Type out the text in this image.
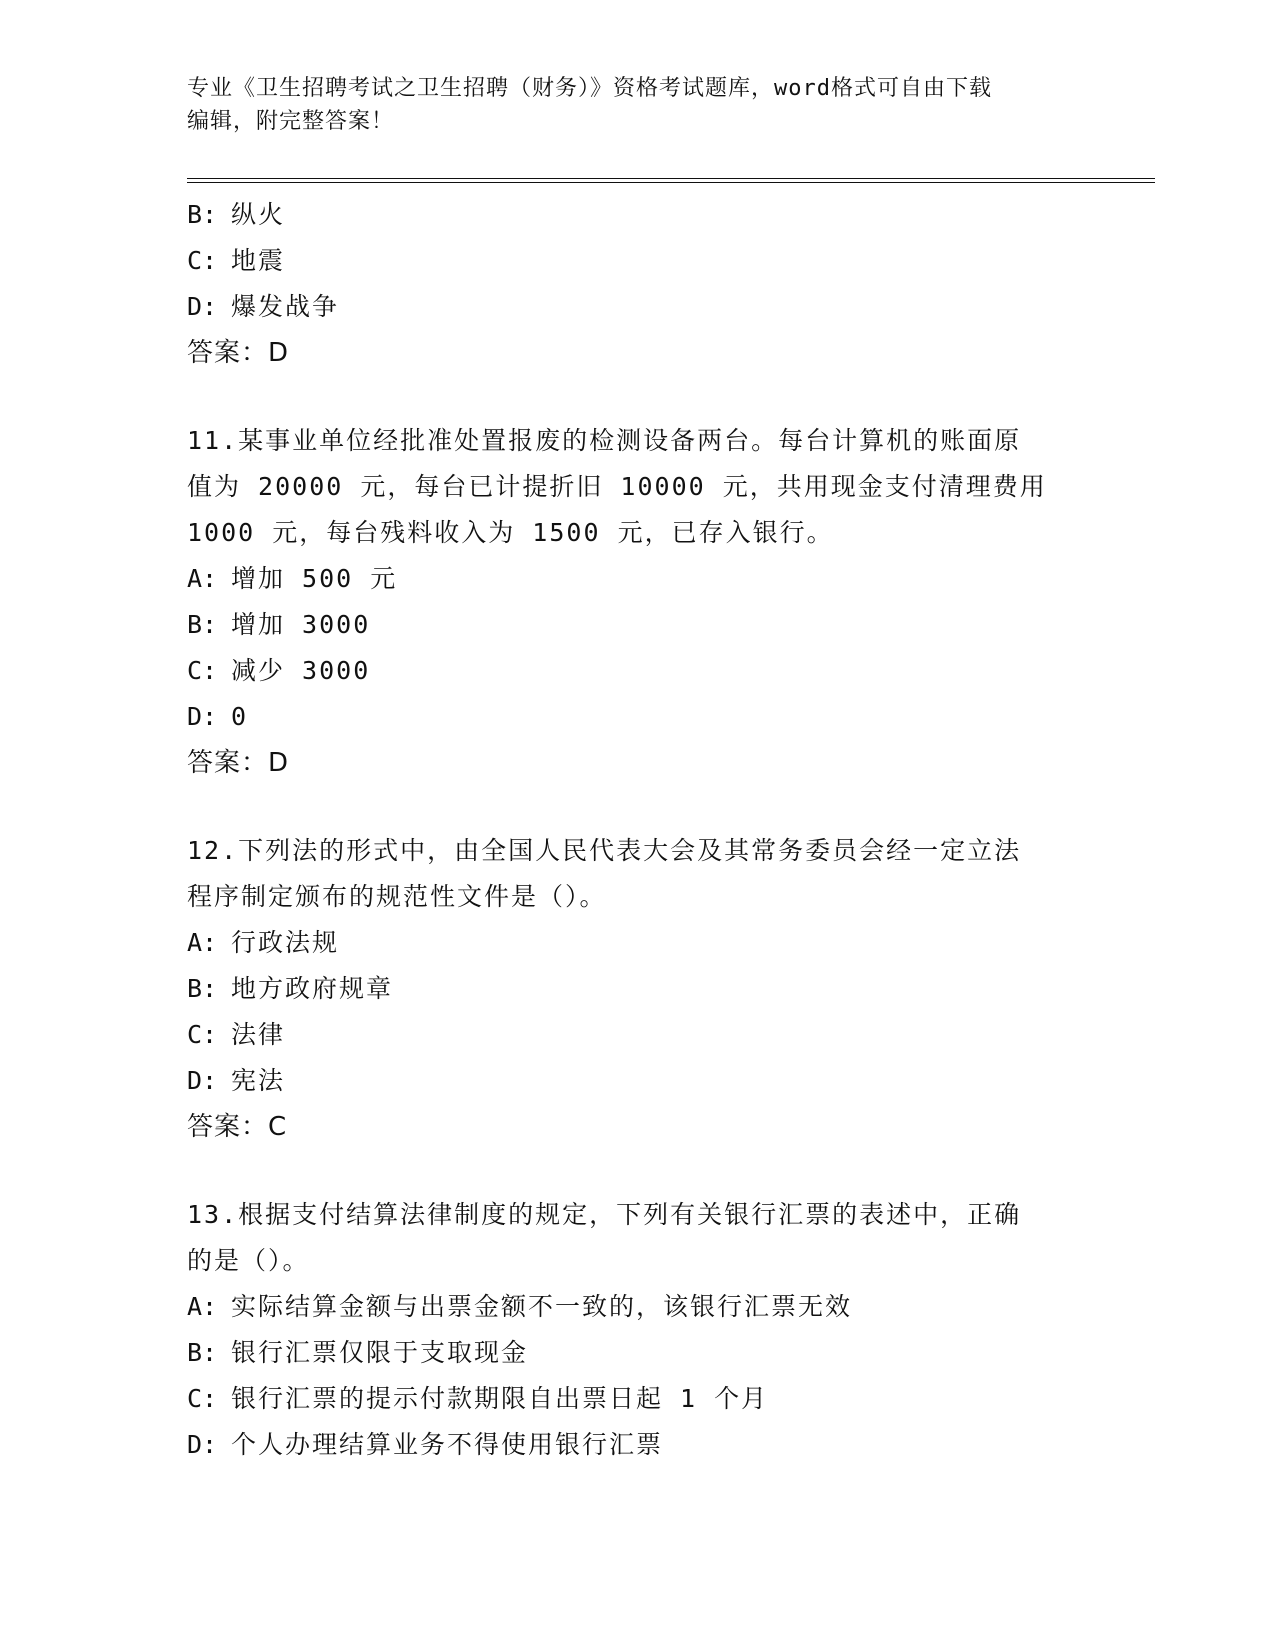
专业《卫生招聘考试之卫生招聘（财务）》资格考试题库，word格式可自由下载
编辑，附完整答案！
B: 纵火
C: 地震
D: 爆发战争
答案：D
11.某事业单位经批准处置报废的检测设备两台。每台计算机的账面原
值为 20000 元，每台已计提折旧 10000 元，共用现金支付清理费用
1000 元，每台残料收入为 1500 元，已存入银行。
A: 增加 500 元
B: 增加 3000
C: 减少 3000
D: 0
答案：D
12.下列法的形式中，由全国人民代表大会及其常务委员会经一定立法
程序制定颁布的规范性文件是（）。
A: 行政法规
B: 地方政府规章
C: 法律
D: 宪法
答案：C
13.根据支付结算法律制度的规定，下列有关银行汇票的表述中，正确
的是（）。
A: 实际结算金额与出票金额不一致的，该银行汇票无效
B: 银行汇票仅限于支取现金
C: 银行汇票的提示付款期限自出票日起 1 个月
D: 个人办理结算业务不得使用银行汇票
